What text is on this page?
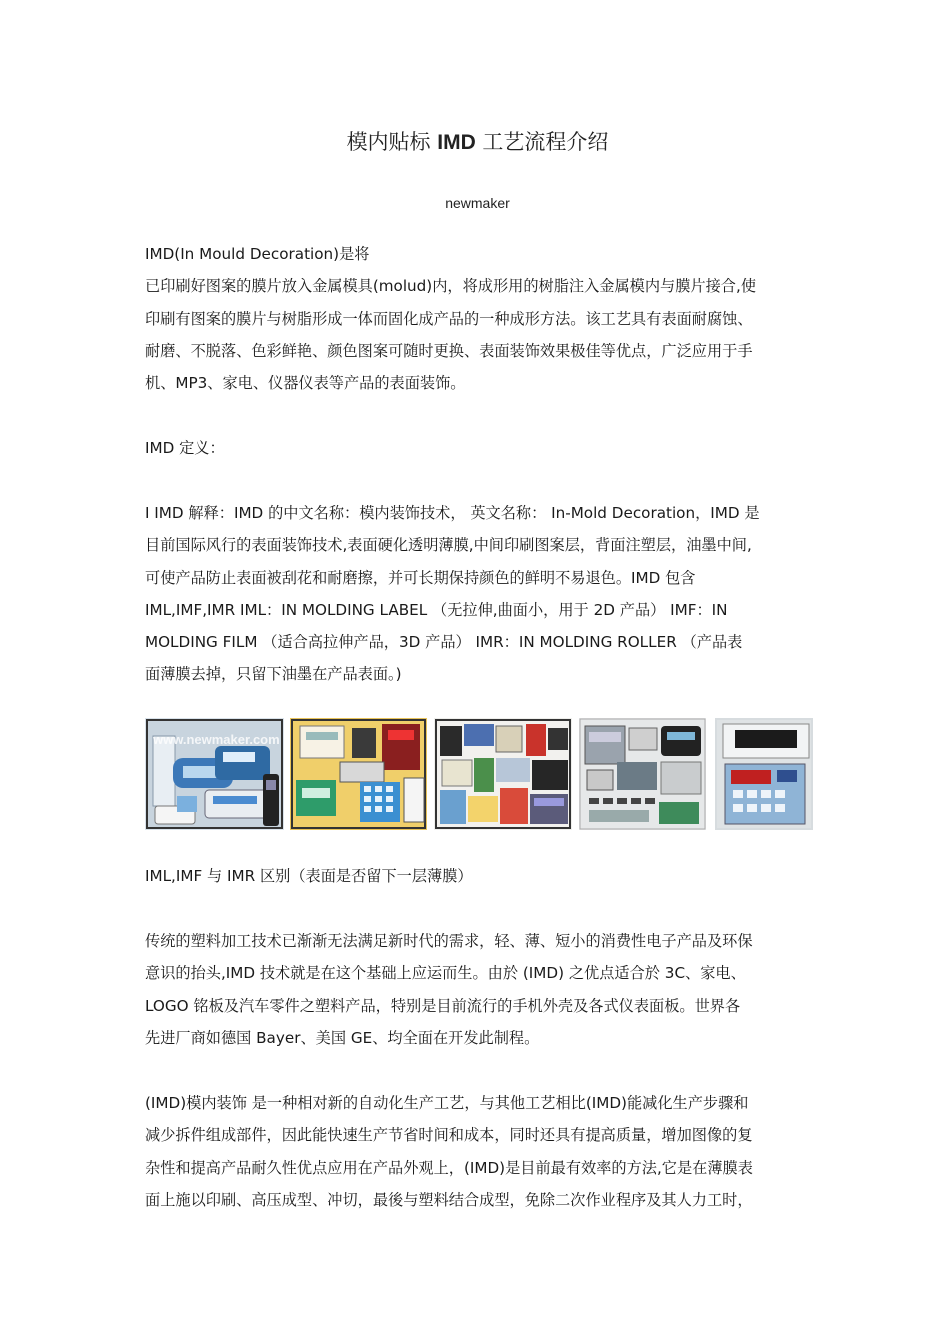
模内贴标 IMD 工艺流程介绍
newmaker

IMD(In Mould Decoration)是将
已印刷好图案的膜片放入金属模具(molud)内，将成形用的树脂注入金属模内与膜片接合,使
印刷有图案的膜片与树脂形成一体而固化成产品的一种成形方法。该工艺具有表面耐腐蚀、
耐磨、不脱落、色彩鲜艳、颜色图案可随时更换、表面装饰效果极佳等优点，广泛应用于手
机、MP3、家电、仪器仪表等产品的表面装饰。

IMD 定义：

I IMD 解释：IMD 的中文名称：模内装饰技术， 英文名称： In-Mold Decoration，IMD 是
目前国际风行的表面装饰技术,表面硬化透明薄膜,中间印刷图案层，背面注塑层，油墨中间,
可使产品防止表面被刮花和耐磨擦，并可长期保持颜色的鲜明不易退色。IMD 包含
IML,IMF,IMR IML：IN MOLDING LABEL （无拉伸,曲面小，用于 2D 产品） IMF：IN
MOLDING FILM （适合高拉伸产品，3D 产品） IMR：IN MOLDING ROLLER （产品表
面薄膜去掉，只留下油墨在产品表面。)

www.newmaker.com

IML,IMF 与 IMR 区别（表面是否留下一层薄膜）

传统的塑料加工技术已渐渐无法满足新时代的需求，轻、薄、短小的消费性电子产品及环保
意识的抬头,IMD 技术就是在这个基础上应运而生。由於 (IMD) 之优点适合於 3C、家电、
LOGO 铭板及汽车零件之塑料产品，特别是目前流行的手机外壳及各式仪表面板。世界各
先进厂商如德国 Bayer、美国 GE、均全面在开发此制程。

(IMD)模内装饰 是一种相对新的自动化生产工艺，与其他工艺相比(IMD)能减化生产步骤和
减少拆件组成部件，因此能快速生产节省时间和成本，同时还具有提高质量，增加图像的复
杂性和提高产品耐久性优点应用在产品外观上，(IMD)是目前最有效率的方法,它是在薄膜表
面上施以印刷、高压成型、冲切，最後与塑料结合成型，免除二次作业程序及其人力工时，
